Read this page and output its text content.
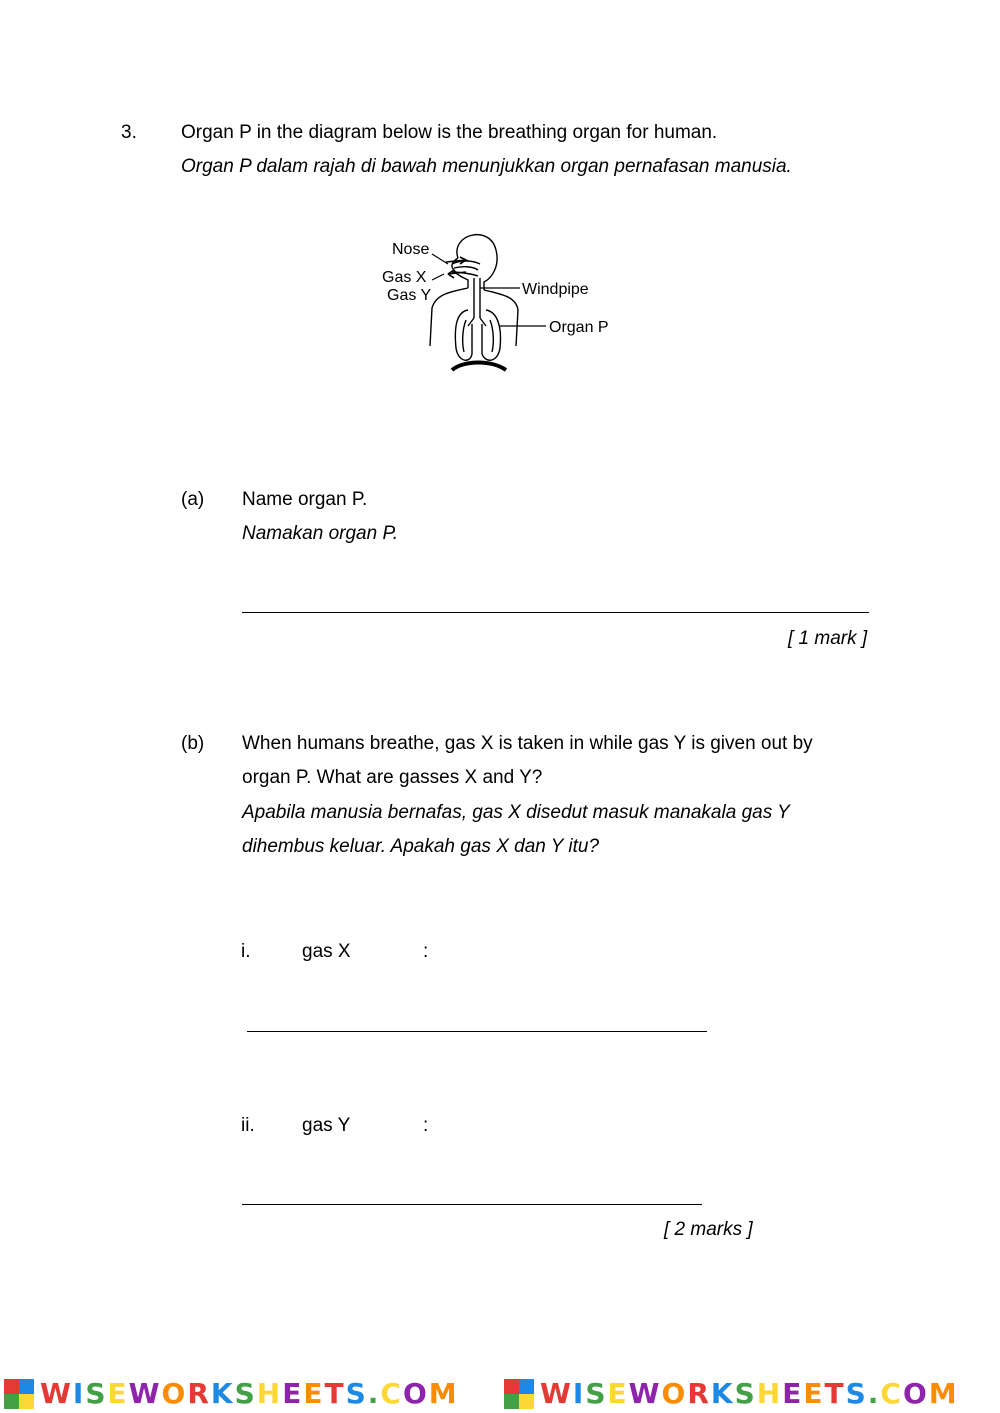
3. Organ P in the diagram below is the breathing organ for human.
Organ P dalam rajah di bawah menunjukkan organ pernafasan manusia.
Nose
Gas X
Gas Y	Windpipe
Organ P
(a) Name organ P.
Namakan organ P.
[ 1 mark ]
(b) When humans breathe, gas X is taken in while gas Y is given out by
organ P. What are gasses X and Y?
Apabila manusia bernafas, gas X disedut masuk manakala gas Y
dihembus keluar. Apakah gas X dan Y itu?
i.	gas X	:
ii. gas Y	:
[ 2 marks ]
WISEWORKSHEETS.COM	WISEWORKSHEETS.COM
